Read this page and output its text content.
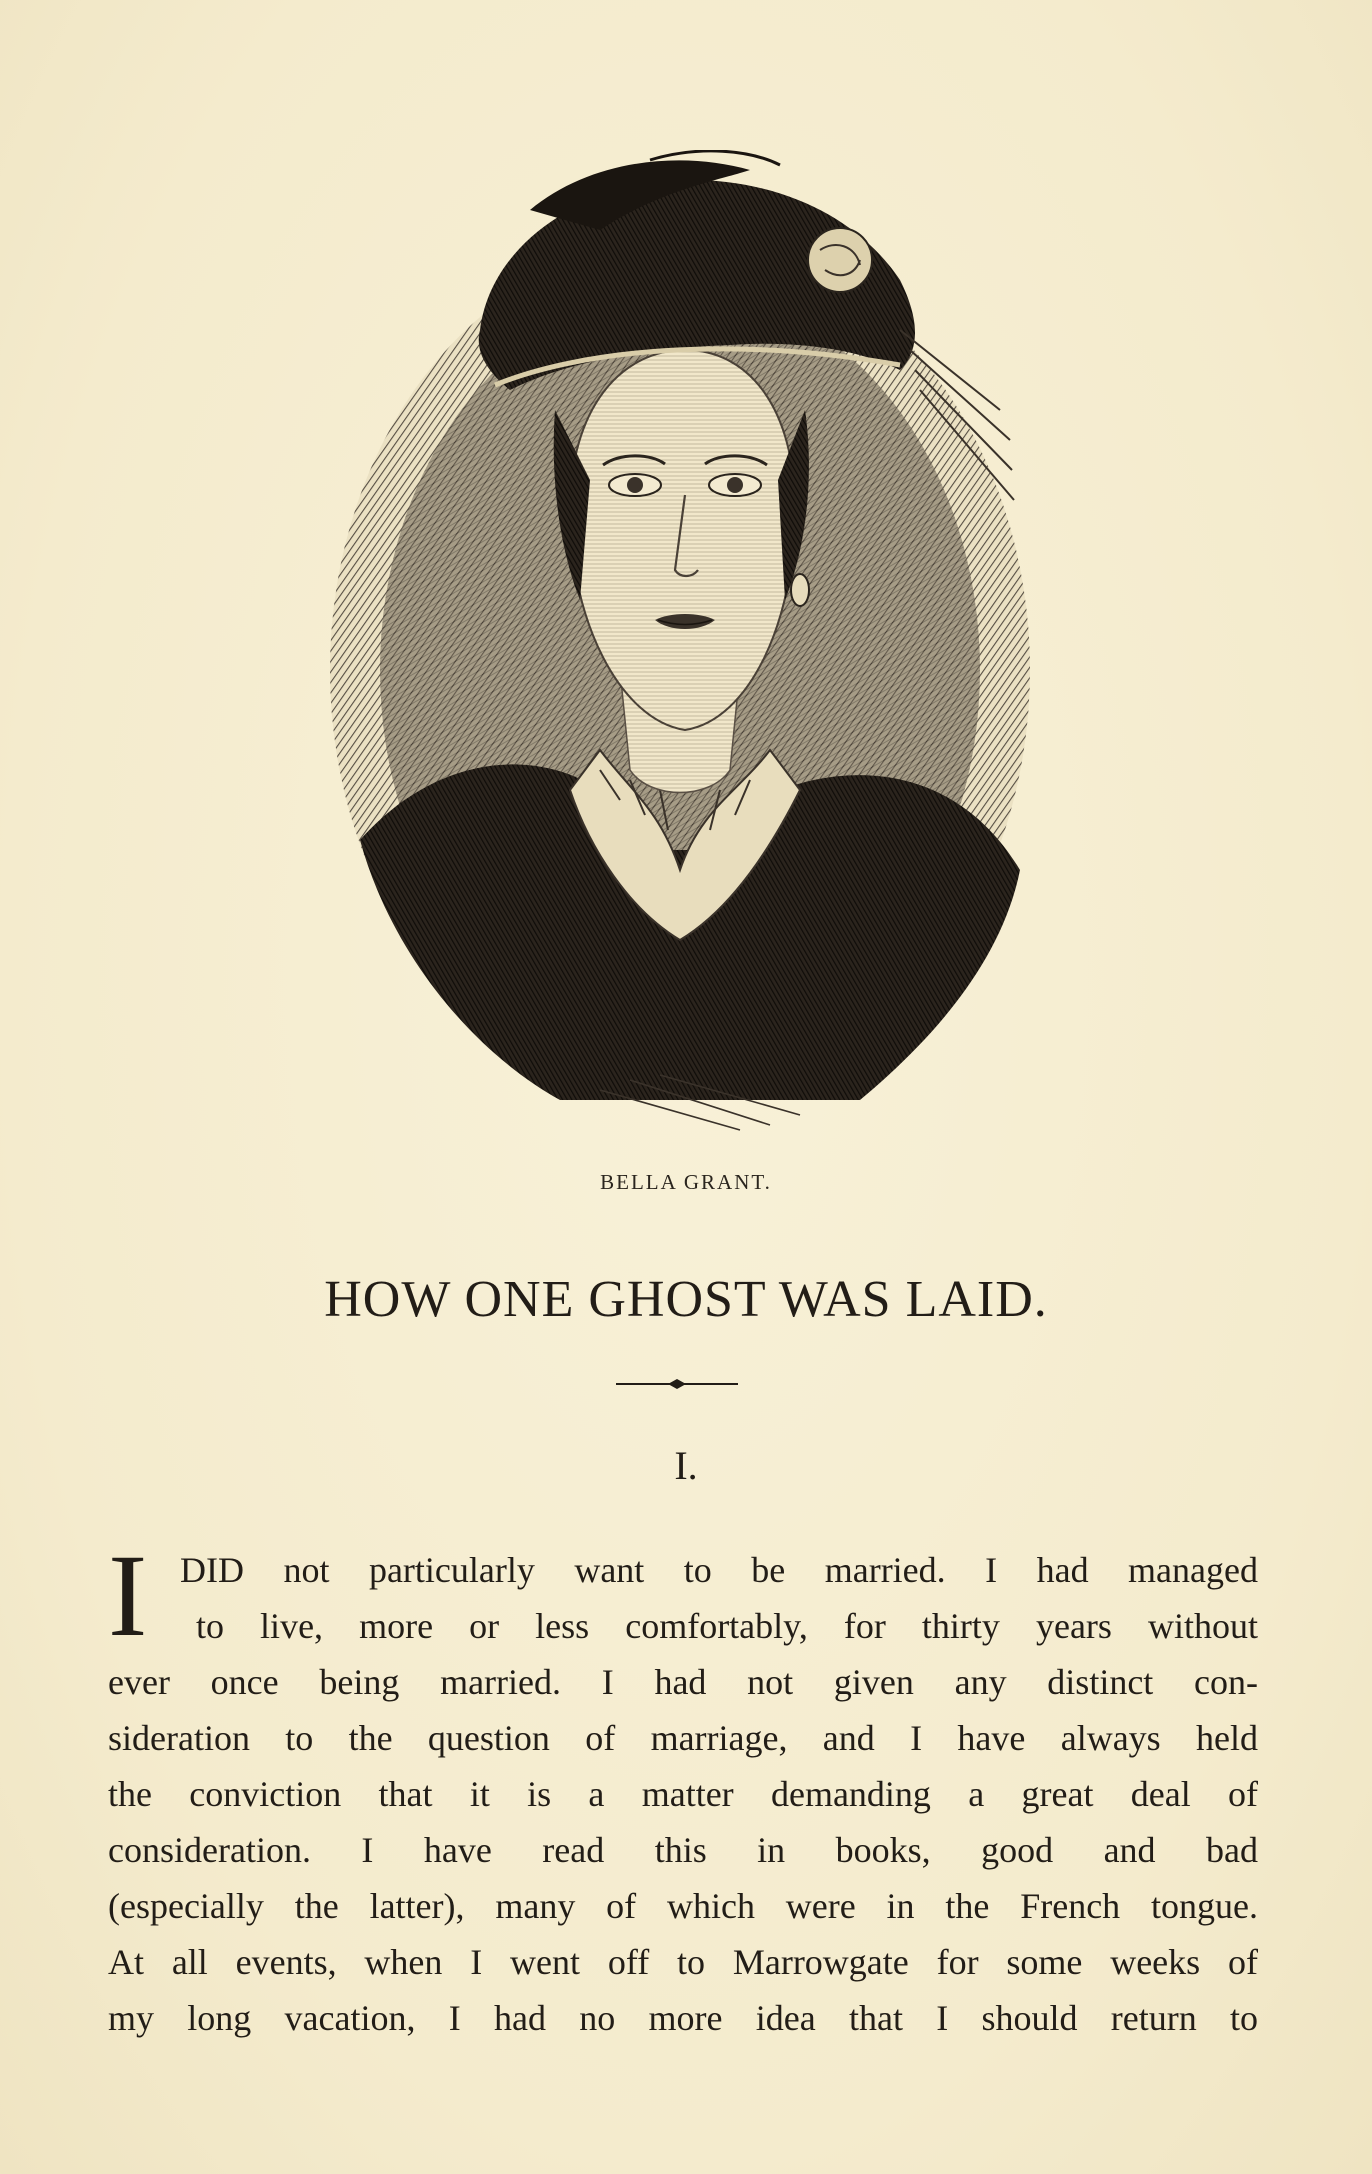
BELLA GRANT.
HOW ONE GHOST WAS LAID.
I.
I DID not particularly want to be married. I had managed
to live, more or less comfortably, for thirty years without
ever once being married. I had not given any distinct con-
sideration to the question of marriage, and I have always held
the conviction that it is a matter demanding a great deal of
consideration. I have read this in books, good and bad
(especially the latter), many of which were in the French tongue.
At all events, when I went off to Marrowgate for some weeks of
my long vacation, I had no more idea that I should return to
